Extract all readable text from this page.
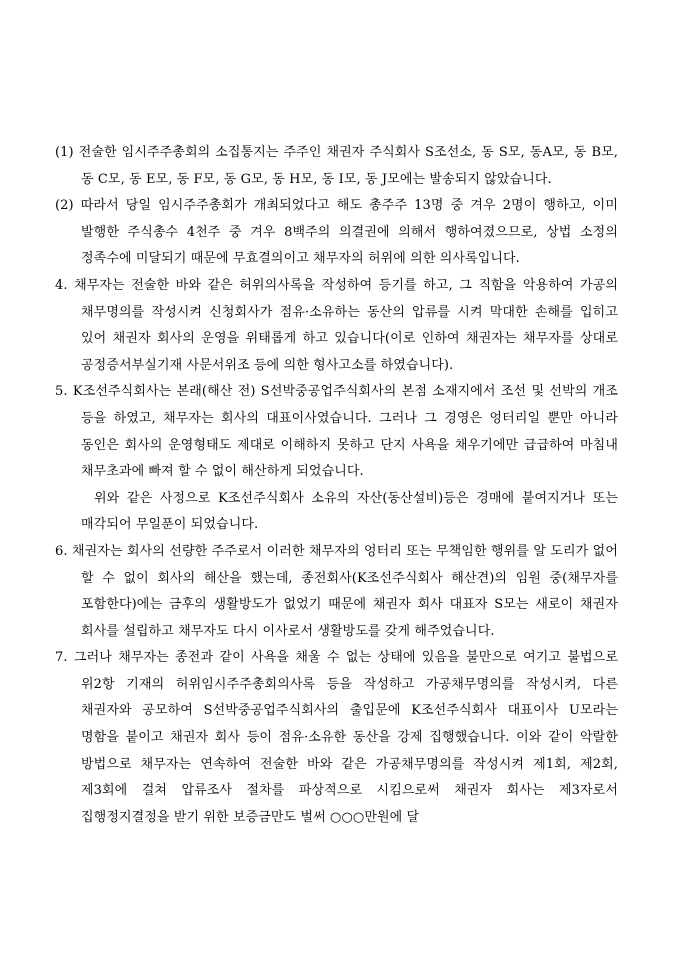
(1) 전술한 임시주주총회의 소집통지는 주주인 채권자 주식회사 S조선소, 동 S모, 동A모, 동 B모, 동 C모, 동 E모, 동 F모, 동 G모, 동 H모, 동 I모, 동 J모에는 발송되지 않았습니다.

(2) 따라서 당일 임시주주총회가 개최되었다고 해도 총주주 13명 중 겨우 2명이 행하고, 이미 발행한 주식총수 4천주 중 겨우 8백주의 의결권에 의해서 행하여졌으므로, 상법 소정의 정족수에 미달되기 때문에 무효결의이고 채무자의 허위에 의한 의사록입니다.

4. 채무자는 전술한 바와 같은 허위의사록을 작성하여 등기를 하고, 그 직함을 악용하여 가공의 채무명의를 작성시켜 신청회사가 점유·소유하는 동산의 압류를 시켜 막대한 손해를 입히고 있어 채권자 회사의 운영을 위태롭게 하고 있습니다(이로 인하여 채권자는 채무자를 상대로 공정증서부실기재 사문서위조 등에 의한 형사고소를 하였습니다).

5. K조선주식회사는 본래(해산 전) S선박중공업주식회사의 본점 소재지에서 조선 및 선박의 개조 등을 하였고, 채무자는 회사의 대표이사였습니다. 그러나 그 경영은 엉터리일 뿐만 아니라 동인은 회사의 운영형태도 제대로 이해하지 못하고 단지 사욕을 채우기에만 급급하여 마침내 채무초과에 빠져 할 수 없이 해산하게 되었습니다.

위와 같은 사정으로 K조선주식회사 소유의 자산(동산설비)등은 경매에 붙여지거나 또는 매각되어 무일푼이 되었습니다.

6. 채권자는 회사의 선량한 주주로서 이러한 채무자의 엉터리 또는 무책임한 행위를 알 도리가 없어 할 수 없이 회사의 해산을 했는데, 종전회사(K조선주식회사 해산견)의 임원 중(채무자를 포함한다)에는 금후의 생활방도가 없었기 때문에 채권자 회사 대표자 S모는 새로이 채권자 회사를 설립하고 채무자도 다시 이사로서 생활방도를 갖게 해주었습니다.

7. 그러나 채무자는 종전과 같이 사욕을 채울 수 없는 상태에 있음을 불만으로 여기고 불법으로 위2항 기재의 허위임시주주총회의사록 등을 작성하고 가공채무명의를 작성시켜, 다른 채권자와 공모하여 S선박중공업주식회사의 출입문에 K조선주식회사 대표이사 U모라는 명함을 붙이고 채권자 회사 등이 점유·소유한 동산을 강제 집행했습니다. 이와 같이 악랄한 방법으로 채무자는 연속하여 전술한 바와 같은 가공채무명의를 작성시켜 제1회, 제2회, 제3회에 걸쳐 압류조사 절차를 파상적으로 시킴으로써 채권자 회사는 제3자로서 집행정지결정을 받기 위한 보증금만도 벌써 ○○○만원에 달
